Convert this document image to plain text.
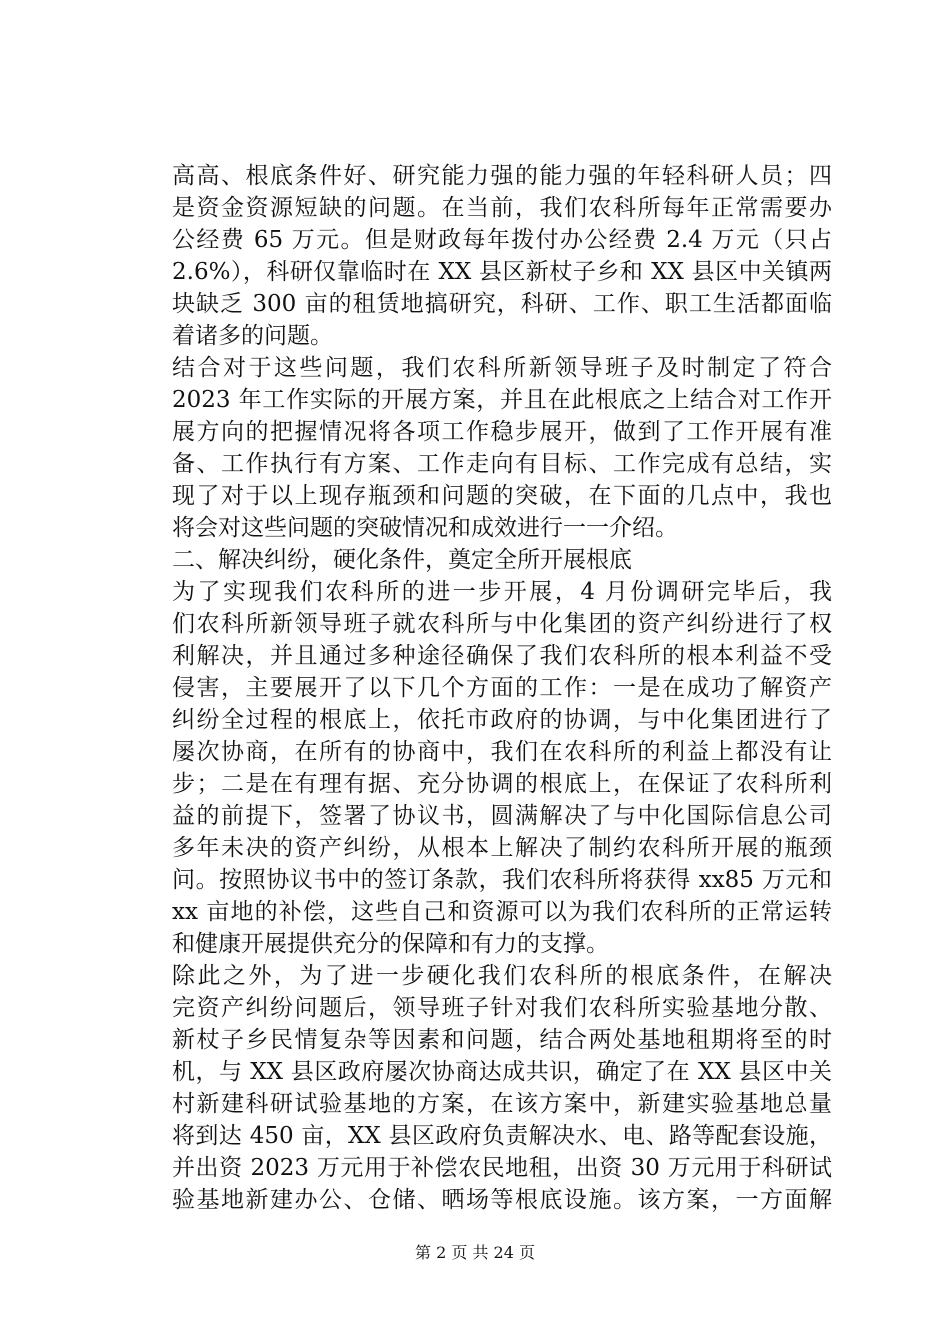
高高、根底条件好、研究能力强的能力强的年轻科研人员；四
是资金资源短缺的问题。在当前，我们农科所每年正常需要办
公经费 65 万元。但是财政每年拨付办公经费 2.4 万元（只占
2.6%），科研仅靠临时在 XX 县区新杖子乡和 XX 县区中关镇两
块缺乏 300 亩的租赁地搞研究，科研、工作、职工生活都面临
着诸多的问题。
结合对于这些问题，我们农科所新领导班子及时制定了符合
2023 年工作实际的开展方案，并且在此根底之上结合对工作开
展方向的把握情况将各项工作稳步展开，做到了工作开展有准
备、工作执行有方案、工作走向有目标、工作完成有总结，实
现了对于以上现存瓶颈和问题的突破，在下面的几点中，我也
将会对这些问题的突破情况和成效进行一一介绍。
二、解决纠纷，硬化条件，奠定全所开展根底
为了实现我们农科所的进一步开展，4 月份调研完毕后，我
们农科所新领导班子就农科所与中化集团的资产纠纷进行了权
利解决，并且通过多种途径确保了我们农科所的根本利益不受
侵害，主要展开了以下几个方面的工作：一是在成功了解资产
纠纷全过程的根底上，依托市政府的协调，与中化集团进行了
屡次协商，在所有的协商中，我们在农科所的利益上都没有让
步；二是在有理有据、充分协调的根底上，在保证了农科所利
益的前提下，签署了协议书，圆满解决了与中化国际信息公司
多年未决的资产纠纷，从根本上解决了制约农科所开展的瓶颈
问。按照协议书中的签订条款，我们农科所将获得 xx85 万元和
xx 亩地的补偿，这些自己和资源可以为我们农科所的正常运转
和健康开展提供充分的保障和有力的支撑。
除此之外，为了进一步硬化我们农科所的根底条件，在解决
完资产纠纷问题后，领导班子针对我们农科所实验基地分散、
新杖子乡民情复杂等因素和问题，结合两处基地租期将至的时
机，与 XX 县区政府屡次协商达成共识，确定了在 XX 县区中关
村新建科研试验基地的方案，在该方案中，新建实验基地总量
将到达 450 亩，XX 县区政府负责解决水、电、路等配套设施，
并出资 2023 万元用于补偿农民地租，出资 30 万元用于科研试
验基地新建办公、仓储、晒场等根底设施。该方案，一方面解
第 2 页 共 24 页
